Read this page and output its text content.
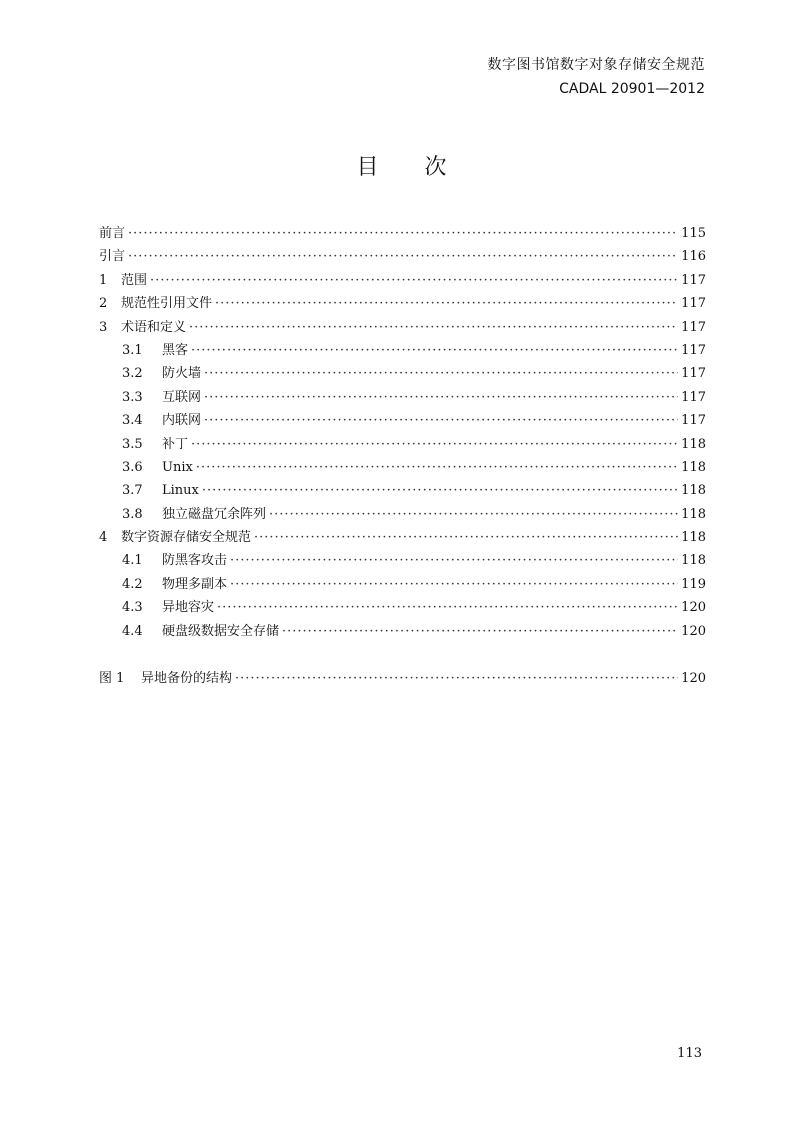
数字图书馆数字对象存储安全规范
CADAL 20901—2012
目 次
前言 ·····	115
引言 ·····	116
1	范围 ·····	117
2	规范性引用文件 ·····	117
3	术语和定义 ·····	117
3.1	黑客 ·····	117
3.2	防火墙 ·····	117
3.3	互联网 ·····	117
3.4	内联网 ·····	117
3.5	补丁 ·····	118
3.6	Unix ·····	118
3.7	Linux ·····	118
3.8	独立磁盘冗余阵列 ·····	118
4	数字资源存储安全规范 ·····	118
4.1	防黑客攻击 ·····	118
4.2	物理多副本 ·····	119
4.3	异地容灾 ·····	120
4.4	硬盘级数据安全存储 ·····	120
图 1	异地备份的结构 ·····	120
113
